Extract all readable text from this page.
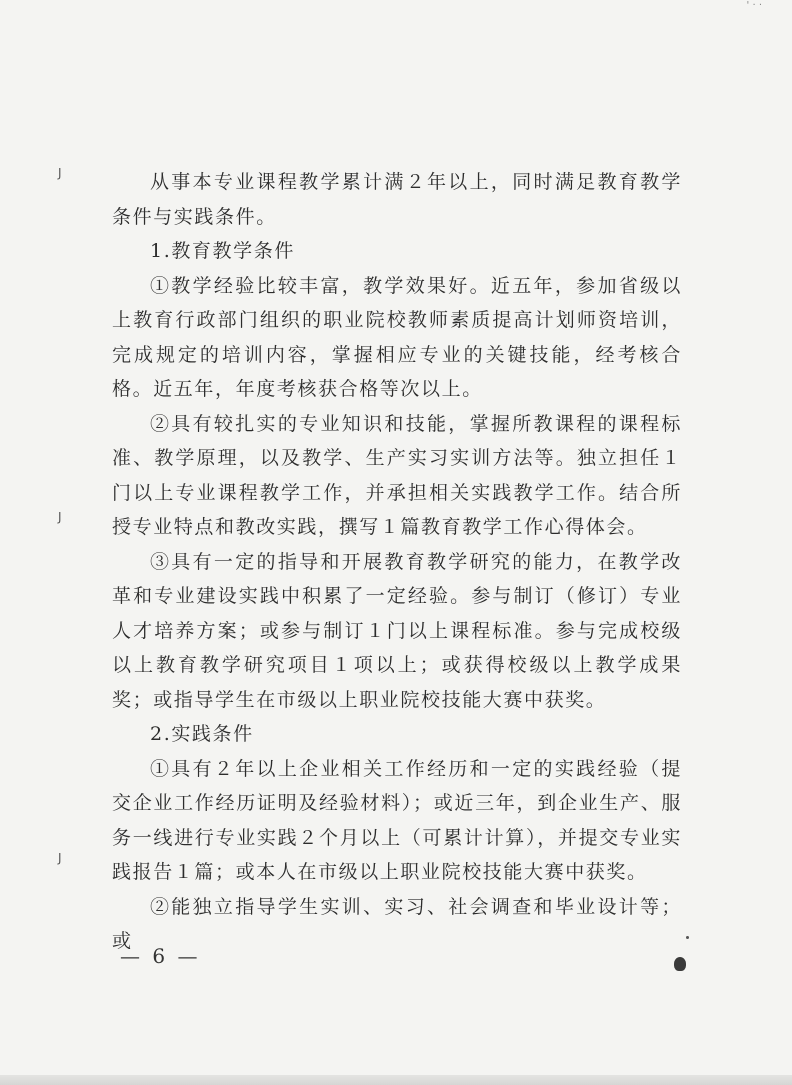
' · ·
J
J
J

从事本专业课程教学累计满２年以上，同时满足教育教学条件与实践条件。

1.教育教学条件

①教学经验比较丰富，教学效果好。近五年，参加省级以上教育行政部门组织的职业院校教师素质提高计划师资培训，完成规定的培训内容，掌握相应专业的关键技能，经考核合格。近五年，年度考核获合格等次以上。

②具有较扎实的专业知识和技能，掌握所教课程的课程标准、教学原理，以及教学、生产实习实训方法等。独立担任１门以上专业课程教学工作，并承担相关实践教学工作。结合所授专业特点和教改实践，撰写１篇教育教学工作心得体会。

③具有一定的指导和开展教育教学研究的能力，在教学改革和专业建设实践中积累了一定经验。参与制订（修订）专业人才培养方案；或参与制订１门以上课程标准。参与完成校级以上教育教学研究项目１项以上；或获得校级以上教学成果奖；或指导学生在市级以上职业院校技能大赛中获奖。

2.实践条件

①具有２年以上企业相关工作经历和一定的实践经验（提交企业工作经历证明及经验材料）；或近三年，到企业生产、服务一线进行专业实践２个月以上（可累计计算），并提交专业实践报告１篇；或本人在市级以上职业院校技能大赛中获奖。

②能独立指导学生实训、实习、社会调查和毕业设计等；或

— 6 —
